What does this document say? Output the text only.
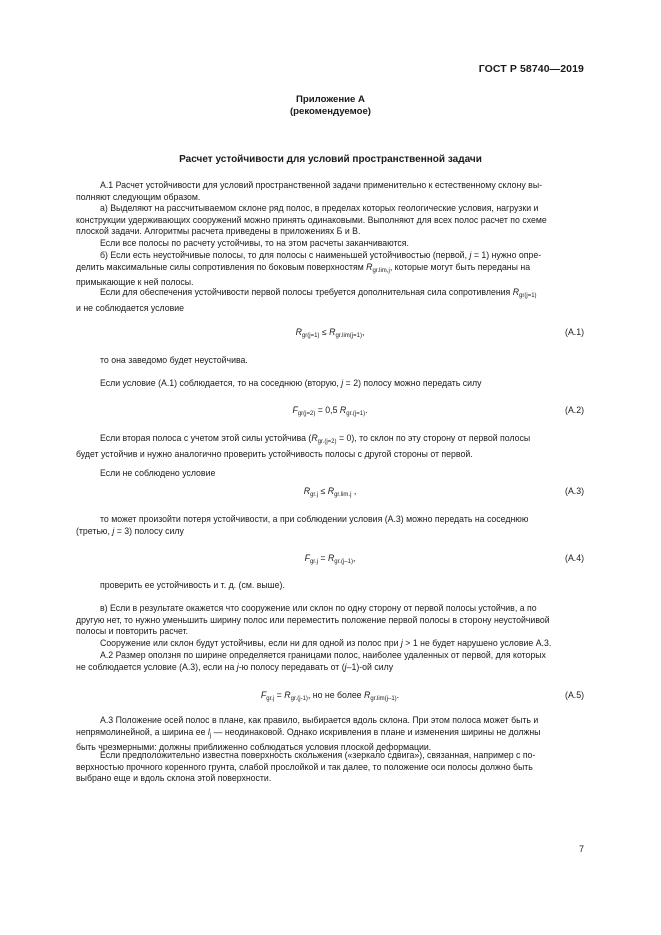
ГОСТ Р 58740—2019
Приложение А
(рекомендуемое)
Расчет устойчивости для условий пространственной задачи
А.1 Расчет устойчивости для условий пространственной задачи применительно к естественному склону вы-
полняют следующим образом.
а) Выделяют на рассчитываемом склоне ряд полос, в пределах которых геологические условия, нагрузки и
конструкции удерживающих сооружений можно принять одинаковыми. Выполняют для всех полос расчет по схеме
плоской задачи. Алгоритмы расчета приведены в приложениях Б и В.
Если все полосы по расчету устойчивы, то на этом расчеты заканчиваются.
б) Если есть неустойчивые полосы, то для полосы с наименьшей устойчивостью (первой, j = 1) нужно опре-
делить максимальные силы сопротивления по боковым поверхностям $R_{gr.lim,j}$, которые могут быть переданы на
примыкающие к ней полосы.
Если для обеспечения устойчивости первой полосы требуется дополнительная сила сопротивления $R_{gr(j=1)}$
и не соблюдается условие
$R_{gr(j=1)} \le R_{gr.lim(j=1)}$,	(А.1)
то она заведомо будет неустойчива.
Если условие (А.1) соблюдается, то на соседнюю (вторую, j = 2) полосу можно передать силу
$F_{gr(j=2)} = 0,5$ $R_{gr.(j=1)}$.	(А.2)
Если вторая полоса с учетом этой силы устойчива $(R_{gr.(j=2)} = 0)$, то склон по эту сторону от первой полосы
будет устойчив и нужно аналогично проверить устойчивость полосы с другой стороны от первой.
Если не соблюдено условие
$R_{gr.j} \le R_{gr.lim.j}$ ,	(А.3)
то может произойти потеря устойчивости, а при соблюдении условия (А.3) можно передать на соседнюю
(третью, j = 3) полосу силу
$F_{gr.j} = R_{gr.(j-1)}$,	(А.4)
проверить ее устойчивость и т. д. (см. выше).
в) Если в результате окажется что сооружение или склон по одну сторону от первой полосы устойчив, а по
другую нет, то нужно уменьшить ширину полос или переместить положение первой полосы в сторону неустойчивой
полосы и повторить расчет.
Сооружение или склон будут устойчивы, если ни для одной из полос при j > 1 не будет нарушено условие А.3.
А.2 Размер оползня по ширине определяется границами полос, наиболее удаленных от первой, для которых
не соблюдается условие (А.3), если на j-ю полосу передавать от (j–1)-ой силу
$F_{gr.j} = R_{gr.(j-1)}$, но не более $R_{gr.lim(j-1)}$.	(А.5)
А.3 Положение осей полос в плане, как правило, выбирается вдоль склона. При этом полоса может быть и
непрямолинейной, а ширина ее $l_j$ — неодинаковой. Однако искривления в плане и изменения ширины не должны
быть чрезмерными: должны приближенно соблюдаться условия плоской деформации.
Если предположительно известна поверхность скольжения («зеркало сдвига»), связанная, например с по-
верхностью прочного коренного грунта, слабой прослойкой и так далее, то положение оси полосы должно быть
выбрано еще и вдоль склона этой поверхности.
7
